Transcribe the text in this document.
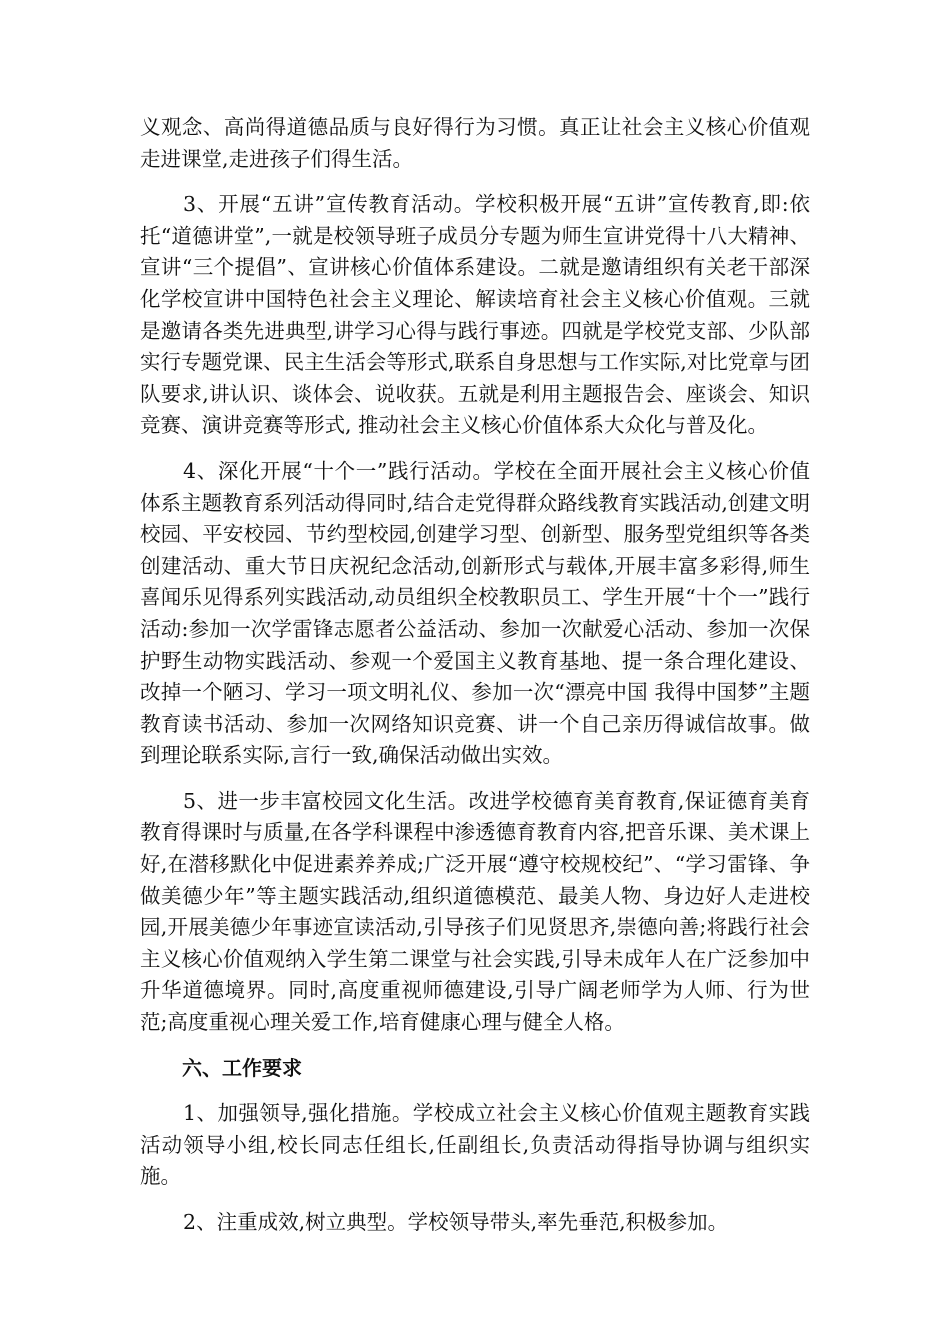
义观念、高尚得道德品质与良好得行为习惯。真正让社会主义核心价值观走进课堂,走进孩子们得生活。

3、开展“五讲”宣传教育活动。学校积极开展“五讲”宣传教育,即:依托“道德讲堂”,一就是校领导班子成员分专题为师生宣讲党得十八大精神、宣讲“三个提倡”、宣讲核心价值体系建设。二就是邀请组织有关老干部深化学校宣讲中国特色社会主义理论、解读培育社会主义核心价值观。三就是邀请各类先进典型,讲学习心得与践行事迹。四就是学校党支部、少队部实行专题党课、民主生活会等形式,联系自身思想与工作实际,对比党章与团队要求,讲认识、谈体会、说收获。五就是利用主题报告会、座谈会、知识竞赛、演讲竞赛等形式, 推动社会主义核心价值体系大众化与普及化。

4、深化开展“十个一”践行活动。学校在全面开展社会主义核心价值体系主题教育系列活动得同时,结合走党得群众路线教育实践活动,创建文明校园、平安校园、节约型校园,创建学习型、创新型、服务型党组织等各类创建活动、重大节日庆祝纪念活动,创新形式与载体,开展丰富多彩得,师生喜闻乐见得系列实践活动,动员组织全校教职员工、学生开展“十个一”践行活动:参加一次学雷锋志愿者公益活动、参加一次献爱心活动、参加一次保护野生动物实践活动、参观一个爱国主义教育基地、提一条合理化建设、改掉一个陋习、学习一项文明礼仪、参加一次“漂亮中国 我得中国梦”主题教育读书活动、参加一次网络知识竞赛、讲一个自己亲历得诚信故事。做到理论联系实际,言行一致,确保活动做出实效。

5、进一步丰富校园文化生活。改进学校德育美育教育,保证德育美育教育得课时与质量,在各学科课程中渗透德育教育内容,把音乐课、美术课上好,在潜移默化中促进素养养成;广泛开展“遵守校规校纪”、“学习雷锋、争做美德少年”等主题实践活动,组织道德模范、最美人物、身边好人走进校园,开展美德少年事迹宣读活动,引导孩子们见贤思齐,崇德向善;将践行社会主义核心价值观纳入学生第二课堂与社会实践,引导未成年人在广泛参加中升华道德境界。同时,高度重视师德建设,引导广阔老师学为人师、行为世范;高度重视心理关爱工作,培育健康心理与健全人格。

六、工作要求

1、加强领导,强化措施。学校成立社会主义核心价值观主题教育实践活动领导小组,校长同志任组长,任副组长,负责活动得指导协调与组织实施。

2、注重成效,树立典型。学校领导带头,率先垂范,积极参加。
